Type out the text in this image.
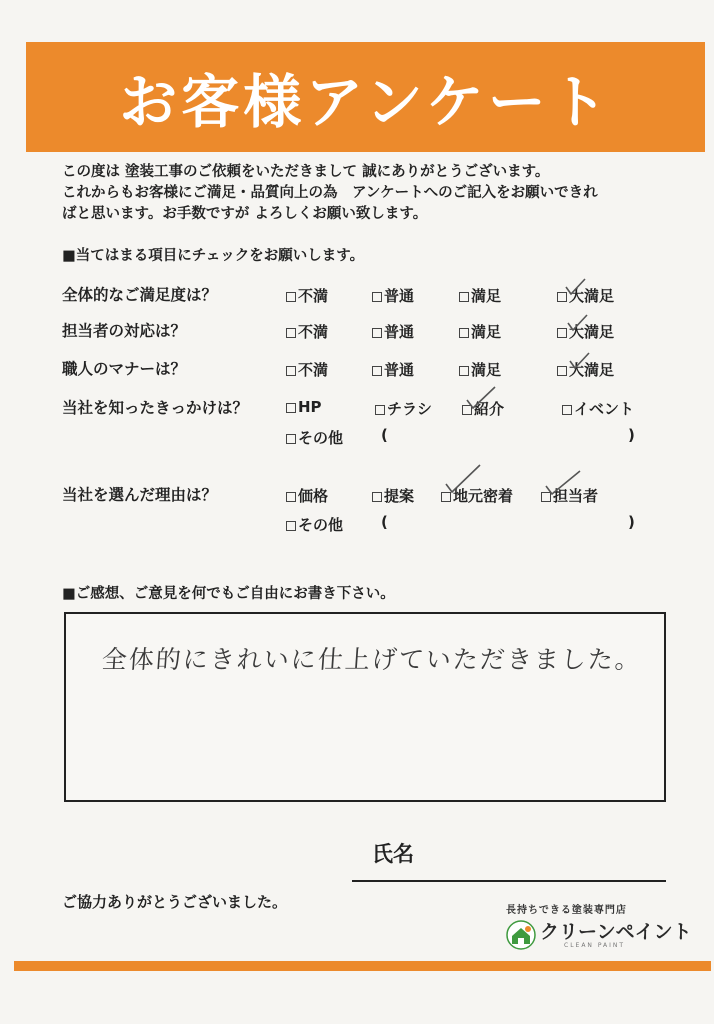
お客様アンケート

この度は 塗装工事のご依頼をいただきまして 誠にありがとうございます。

これからもお客様にご満足・品質向上の為　アンケートへのご記入をお願いできれ

ばと思います。お手数ですが よろしくお願い致します。

■当てはまる項目にチェックをお願いします。
全体的なご満足度は？	不満	普通	満足	大満足
担当者の対応は？	不満	普通	満足	大満足
職人のマナーは？	不満	普通	満足	大満足
当社を知ったきっかけは？	HP	チラシ	紹介	イベント
その他	(	)
当社を選んだ理由は？	価格	提案	地元密着	担当者
その他	(	)
■ご感想、ご意見を何でもご自由にお書き下さい。
全体的にきれいに仕上げていただきました。
氏名
ご協力ありがとうございました。	長持ちできる塗装専門店
クリーンペイント
CLEAN PAINT
